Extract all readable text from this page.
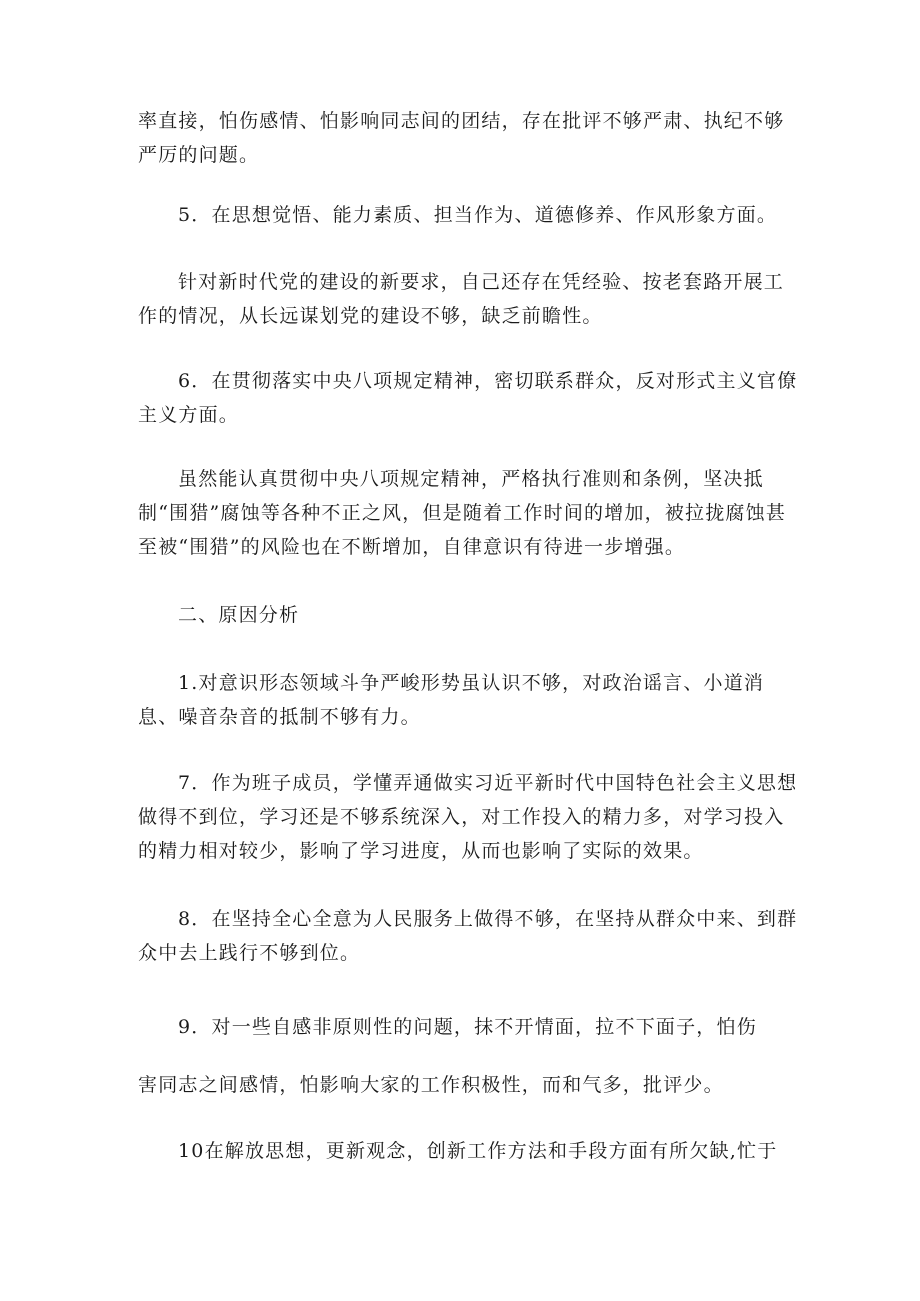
率直接，怕伤感情、怕影响同志间的团结，存在批评不够严肃、执纪不够严厉的问题。

5．在思想觉悟、能力素质、担当作为、道德修养、作风形象方面。

针对新时代党的建设的新要求，自己还存在凭经验、按老套路开展工作的情况，从长远谋划党的建设不够，缺乏前瞻性。

6．在贯彻落实中央八项规定精神，密切联系群众，反对形式主义官僚主义方面。

虽然能认真贯彻中央八项规定精神，严格执行准则和条例，坚决抵制“围猎”腐蚀等各种不正之风，但是随着工作时间的增加，被拉拢腐蚀甚至被“围猎”的风险也在不断增加，自律意识有待进一步增强。

二、原因分析

1.对意识形态领域斗争严峻形势虽认识不够，对政治谣言、小道消息、噪音杂音的抵制不够有力。

7．作为班子成员，学懂弄通做实习近平新时代中国特色社会主义思想做得不到位，学习还是不够系统深入，对工作投入的精力多，对学习投入的精力相对较少，影响了学习进度，从而也影响了实际的效果。

8．在坚持全心全意为人民服务上做得不够，在坚持从群众中来、到群众中去上践行不够到位。

9．对一些自感非原则性的问题，抹不开情面，拉不下面子，怕伤

害同志之间感情，怕影响大家的工作积极性，而和气多，批评少。

10在解放思想，更新观念，创新工作方法和手段方面有所欠缺,忙于
